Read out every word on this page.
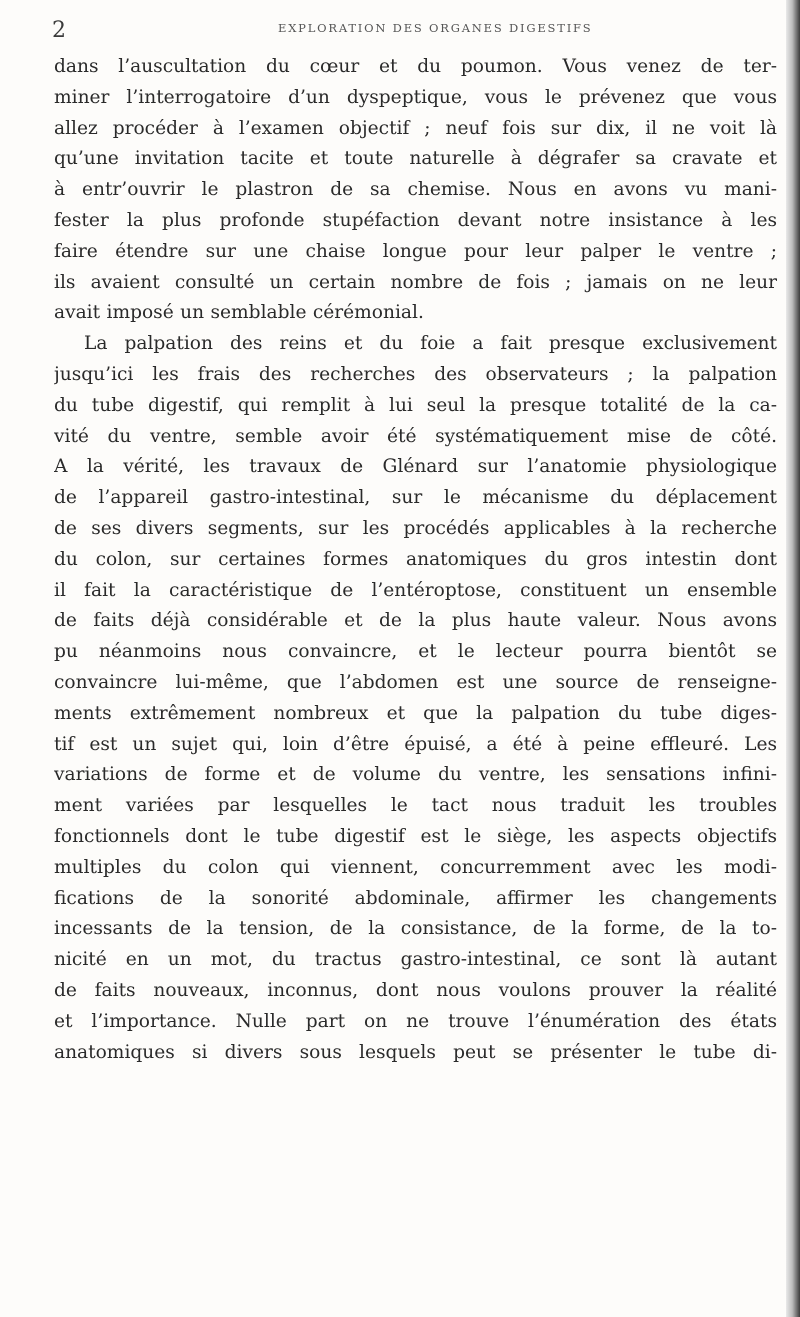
2	EXPLORATION DES ORGANES DIGESTIFS
dans l’auscultation du cœur et du poumon. Vous venez de ter-
miner l’interrogatoire d’un dyspeptique, vous le prévenez que vous
allez procéder à l’examen objectif ; neuf fois sur dix, il ne voit là
qu’une invitation tacite et toute naturelle à dégrafer sa cravate et
à entr’ouvrir le plastron de sa chemise. Nous en avons vu mani-
fester la plus profonde stupéfaction devant notre insistance à les
faire étendre sur une chaise longue pour leur palper le ventre ;
ils avaient consulté un certain nombre de fois ; jamais on ne leur
avait imposé un semblable cérémonial.
La palpation des reins et du foie a fait presque exclusivement
jusqu’ici les frais des recherches des observateurs ; la palpation
du tube digestif, qui remplit à lui seul la presque totalité de la ca-
vité du ventre, semble avoir été systématiquement mise de côté.
A la vérité, les travaux de Glénard sur l’anatomie physiologique
de l’appareil gastro-intestinal, sur le mécanisme du déplacement
de ses divers segments, sur les procédés applicables à la recherche
du colon, sur certaines formes anatomiques du gros intestin dont
il fait la caractéristique de l’entéroptose, constituent un ensemble
de faits déjà considérable et de la plus haute valeur. Nous avons
pu néanmoins nous convaincre, et le lecteur pourra bientôt se
convaincre lui-même, que l’abdomen est une source de renseigne-
ments extrêmement nombreux et que la palpation du tube diges-
tif est un sujet qui, loin d’être épuisé, a été à peine effleuré. Les
variations de forme et de volume du ventre, les sensations infini-
ment variées par lesquelles le tact nous traduit les troubles
fonctionnels dont le tube digestif est le siège, les aspects objectifs
multiples du colon qui viennent, concurremment avec les modi-
fications de la sonorité abdominale, affirmer les changements
incessants de la tension, de la consistance, de la forme, de la to-
nicité en un mot, du tractus gastro-intestinal, ce sont là autant
de faits nouveaux, inconnus, dont nous voulons prouver la réalité
et l’importance. Nulle part on ne trouve l’énumération des états
anatomiques si divers sous lesquels peut se présenter le tube di-
